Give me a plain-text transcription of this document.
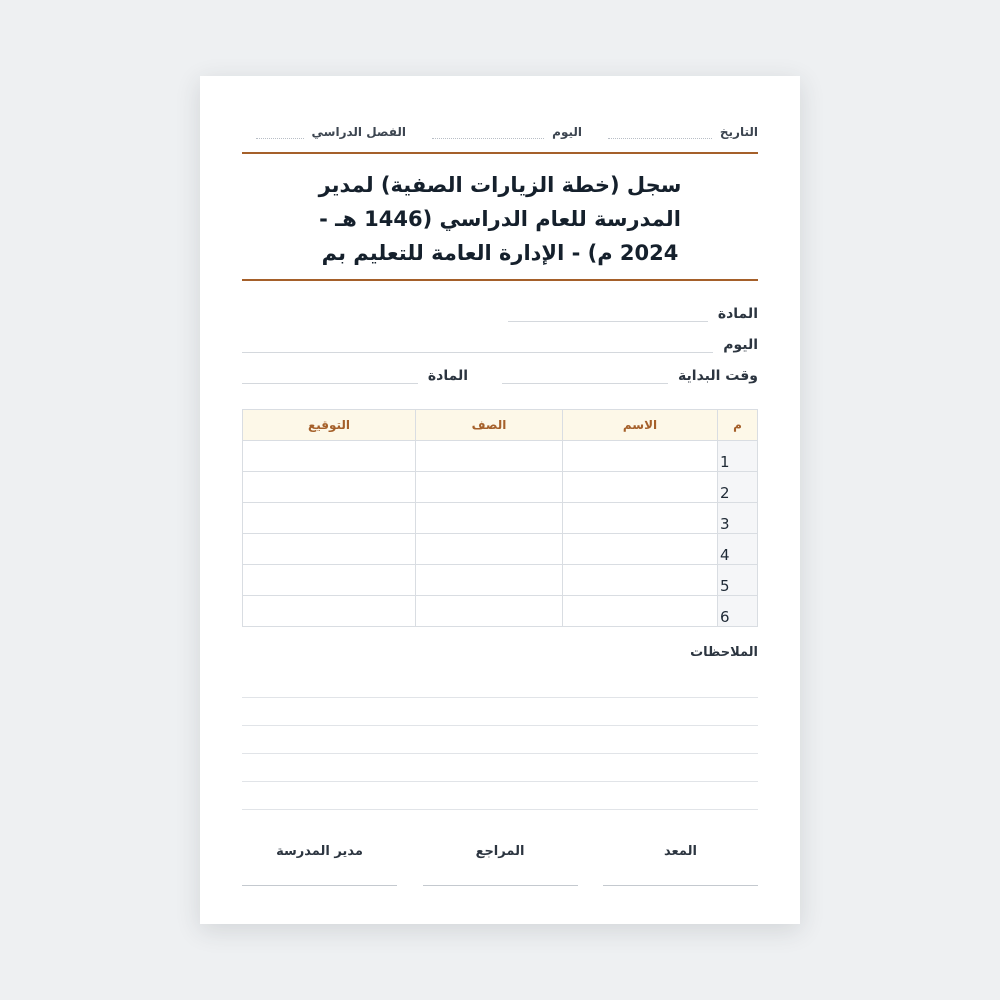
التاريخ
اليوم
الفصل الدراسي
سجل (خطة الزيارات الصفية) لمدير المدرسة للعام الدراسي (1446 هـ - 2024 م) - الإدارة العامة للتعليم بم
المادة
اليوم
وقت البداية
المادة
م	الاسم	الصف	التوقيع
1			
2			
3			
4			
5			
6			
الملاحظات
المعد
المراجع
مدير المدرسة
